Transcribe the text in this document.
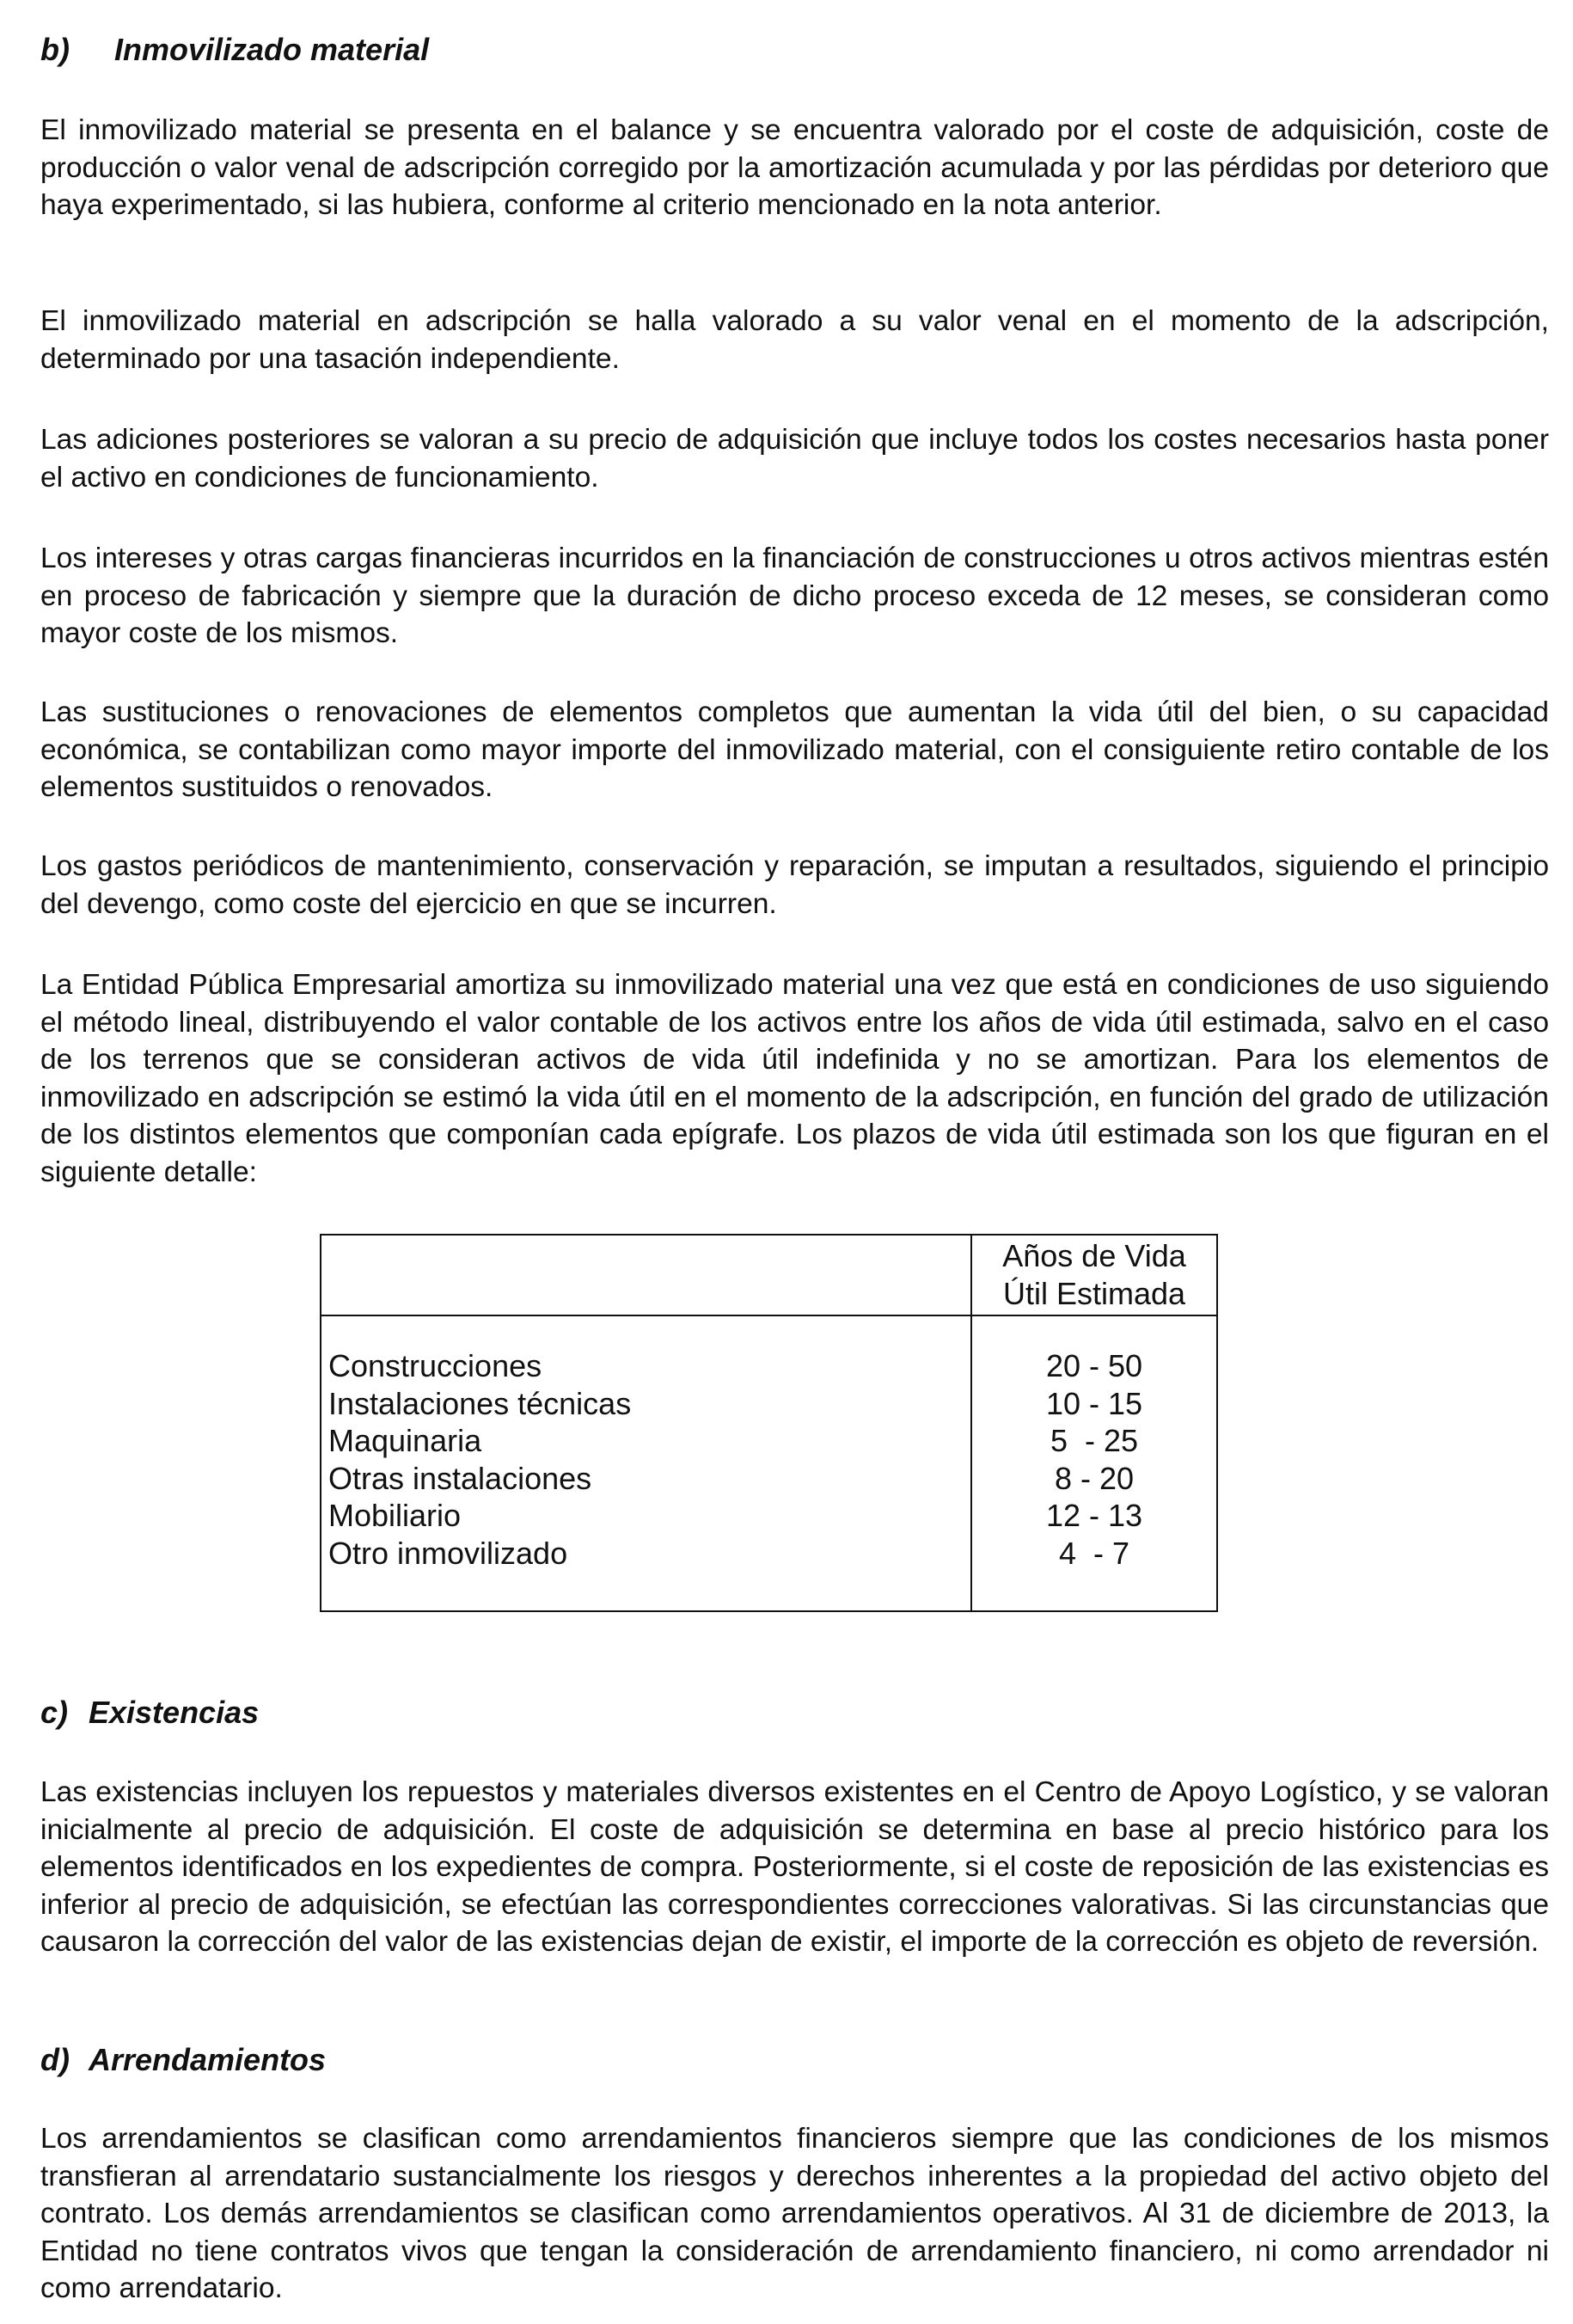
b) Inmovilizado material

El inmovilizado material se presenta en el balance y se encuentra valorado por el coste de adquisición, coste de producción o valor venal de adscripción corregido por la amortización acumulada y por las pérdidas por deterioro que haya experimentado, si las hubiera, conforme al criterio mencionado en la nota anterior.

El inmovilizado material en adscripción se halla valorado a su valor venal en el momento de la adscripción, determinado por una tasación independiente.

Las adiciones posteriores se valoran a su precio de adquisición que incluye todos los costes necesarios hasta poner el activo en condiciones de funcionamiento.

Los intereses y otras cargas financieras incurridos en la financiación de construcciones u otros activos mientras estén en proceso de fabricación y siempre que la duración de dicho proceso exceda de 12 meses, se consideran como mayor coste de los mismos.

Las sustituciones o renovaciones de elementos completos que aumentan la vida útil del bien, o su capacidad económica, se contabilizan como mayor importe del inmovilizado material, con el consiguiente retiro contable de los elementos sustituidos o renovados.

Los gastos periódicos de mantenimiento, conservación y reparación, se imputan a resultados, siguiendo el principio del devengo, como coste del ejercicio en que se incurren.

La Entidad Pública Empresarial amortiza su inmovilizado material una vez que está en condiciones de uso siguiendo el método lineal, distribuyendo el valor contable de los activos entre los años de vida útil estimada, salvo en el caso de los terrenos que se consideran activos de vida útil indefinida y no se amortizan. Para los elementos de inmovilizado en adscripción se estimó la vida útil en el momento de la adscripción, en función del grado de utilización de los distintos elementos que componían cada epígrafe. Los plazos de vida útil estimada son los que figuran en el siguiente detalle:

Años de Vida
Útil Estimada
Construcciones	20 - 50
Instalaciones técnicas	10 - 15
Maquinaria	5  - 25
Otras instalaciones	8 - 20
Mobiliario	12 - 13
Otro inmovilizado	4  - 7
c) Existencias

Las existencias incluyen los repuestos y materiales diversos existentes en el Centro de Apoyo Logístico, y se valoran inicialmente al precio de adquisición. El coste de adquisición se determina en base al precio histórico para los elementos identificados en los expedientes de compra. Posteriormente, si el coste de reposición de las existencias es inferior al precio de adquisición, se efectúan las correspondientes correcciones valorativas. Si las circunstancias que causaron la corrección del valor de las existencias dejan de existir, el importe de la corrección es objeto de reversión.

d) Arrendamientos

Los arrendamientos se clasifican como arrendamientos financieros siempre que las condiciones de los mismos transfieran al arrendatario sustancialmente los riesgos y derechos inherentes a la propiedad del activo objeto del contrato. Los demás arrendamientos se clasifican como arrendamientos operativos. Al 31 de diciembre de 2013, la Entidad no tiene contratos vivos que tengan la consideración de arrendamiento financiero, ni como arrendador ni como arrendatario.
